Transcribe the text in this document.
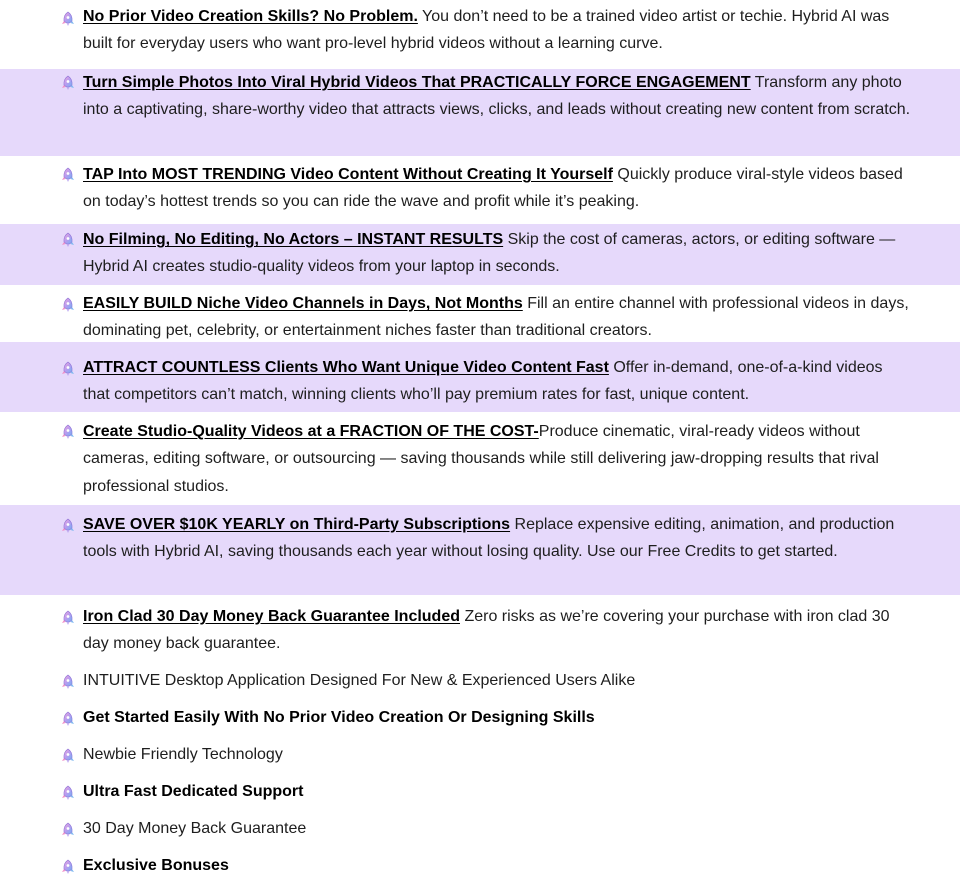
No Prior Video Creation Skills? No Problem. You don’t need to be a trained video artist or techie. Hybrid AI was built for everyday users who want pro-level hybrid videos without a learning curve.
Turn Simple Photos Into Viral Hybrid Videos That PRACTICALLY FORCE ENGAGEMENT Transform any photo into a captivating, share-worthy video that attracts views, clicks, and leads without creating new content from scratch.
TAP Into MOST TRENDING Video Content Without Creating It Yourself Quickly produce viral-style videos based on today’s hottest trends so you can ride the wave and profit while it’s peaking.
No Filming, No Editing, No Actors – INSTANT RESULTS Skip the cost of cameras, actors, or editing software — Hybrid AI creates studio-quality videos from your laptop in seconds.
EASILY BUILD Niche Video Channels in Days, Not Months Fill an entire channel with professional videos in days, dominating pet, celebrity, or entertainment niches faster than traditional creators.
ATTRACT COUNTLESS Clients Who Want Unique Video Content Fast Offer in-demand, one-of-a-kind videos that competitors can’t match, winning clients who’ll pay premium rates for fast, unique content.
Create Studio-Quality Videos at a FRACTION OF THE COST-Produce cinematic, viral-ready videos without cameras, editing software, or outsourcing — saving thousands while still delivering jaw-dropping results that rival professional studios.
SAVE OVER $10K YEARLY on Third-Party Subscriptions Replace expensive editing, animation, and production tools with Hybrid AI, saving thousands each year without losing quality. Use our Free Credits to get started.
Iron Clad 30 Day Money Back Guarantee Included Zero risks as we’re covering your purchase with iron clad 30 day money back guarantee.
INTUITIVE Desktop Application Designed For New & Experienced Users Alike
Get Started Easily With No Prior Video Creation Or Designing Skills
Newbie Friendly Technology
Ultra Fast Dedicated Support
30 Day Money Back Guarantee
Exclusive Bonuses
